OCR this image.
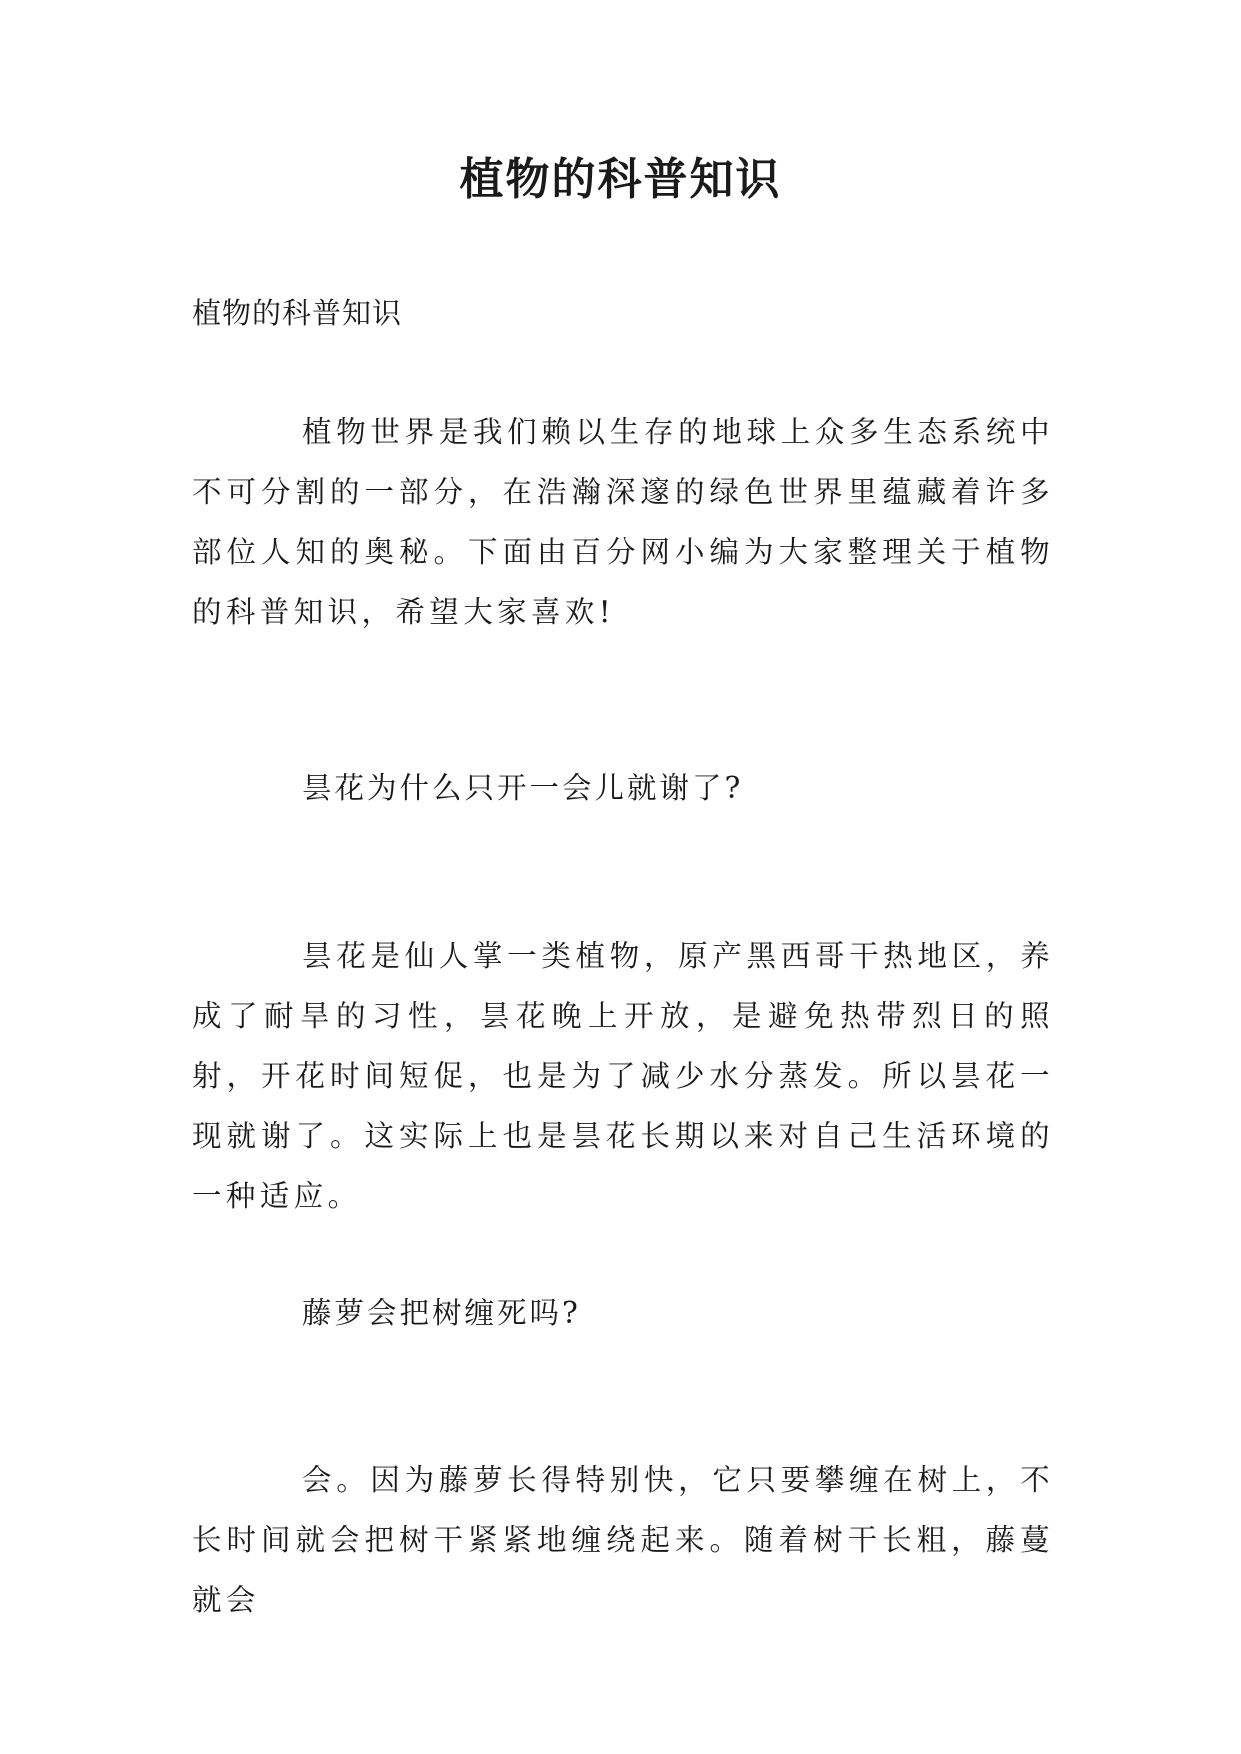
植物的科普知识

植物的科普知识

植物世界是我们赖以生存的地球上众多生态系统中不可分割的一部分，在浩瀚深邃的绿色世界里蕴藏着许多部位人知的奥秘。下面由百分网小编为大家整理关于植物的科普知识，希望大家喜欢!

昙花为什么只开一会儿就谢了?

昙花是仙人掌一类植物，原产黑西哥干热地区，养成了耐旱的习性，昙花晚上开放，是避免热带烈日的照射，开花时间短促，也是为了减少水分蒸发。所以昙花一现就谢了。这实际上也是昙花长期以来对自己生活环境的一种适应。

藤萝会把树缠死吗?

会。因为藤萝长得特别快，它只要攀缠在树上，不长时间就会把树干紧紧地缠绕起来。随着树干长粗，藤蔓就会
